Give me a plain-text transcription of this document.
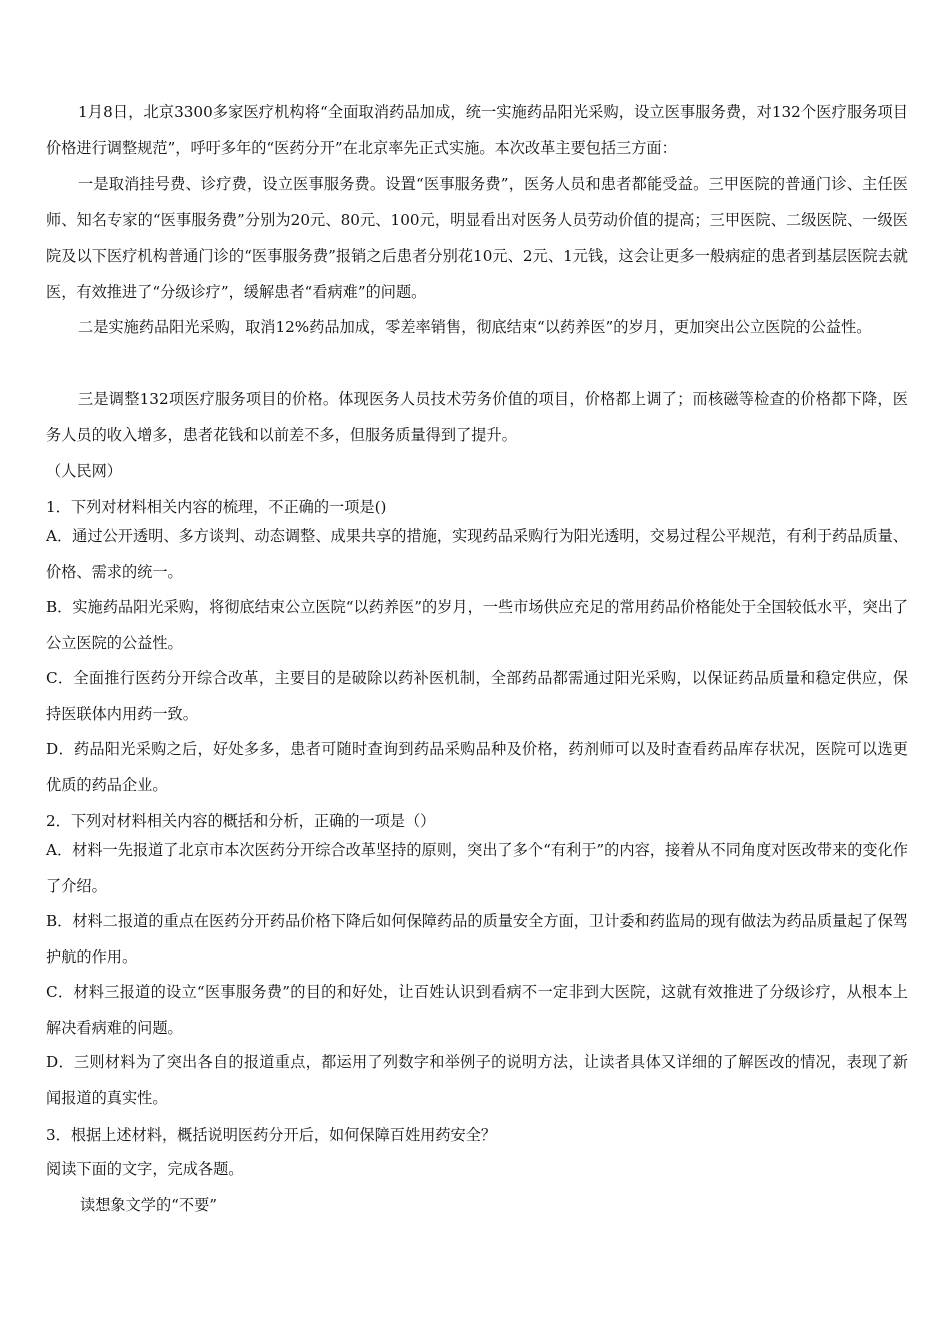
1月8日，北京3300多家医疗机构将“全面取消药品加成，统一实施药品阳光采购，设立医事服务费，对132个医疗服务项目价格进行调整规范”，呼吁多年的“医药分开”在北京率先正式实施。本次改革主要包括三方面：

一是取消挂号费、诊疗费，设立医事服务费。设置“医事服务费”，医务人员和患者都能受益。三甲医院的普通门诊、主任医师、知名专家的“医事服务费”分别为20元、80元、100元，明显看出对医务人员劳动价值的提高；三甲医院、二级医院、一级医院及以下医疗机构普通门诊的“医事服务费”报销之后患者分别花10元、2元、1元钱，这会让更多一般病症的患者到基层医院去就医，有效推进了“分级诊疗”，缓解患者“看病难”的问题。

二是实施药品阳光采购，取消12%药品加成，零差率销售，彻底结束“以药养医”的岁月，更加突出公立医院的公益性。

三是调整132项医疗服务项目的价格。体现医务人员技术劳务价值的项目，价格都上调了；而核磁等检查的价格都下降，医务人员的收入增多，患者花钱和以前差不多，但服务质量得到了提升。

（人民网）

1．下列对材料相关内容的梳理，不正确的一项是()

A．通过公开透明、多方谈判、动态调整、成果共享的措施，实现药品采购行为阳光透明，交易过程公平规范，有利于药品质量、价格、需求的统一。

B．实施药品阳光采购，将彻底结束公立医院“以药养医”的岁月，一些市场供应充足的常用药品价格能处于全国较低水平，突出了公立医院的公益性。

C．全面推行医药分开综合改革，主要目的是破除以药补医机制，全部药品都需通过阳光采购，以保证药品质量和稳定供应，保持医联体内用药一致。

D．药品阳光采购之后，好处多多，患者可随时查询到药品采购品种及价格，药剂师可以及时查看药品库存状况，医院可以选更优质的药品企业。

2．下列对材料相关内容的概括和分析，正确的一项是（）

A．材料一先报道了北京市本次医药分开综合改革坚持的原则，突出了多个“有利于”的内容，接着从不同角度对医改带来的变化作了介绍。

B．材料二报道的重点在医药分开药品价格下降后如何保障药品的质量安全方面，卫计委和药监局的现有做法为药品质量起了保驾护航的作用。

C．材料三报道的设立“医事服务费”的目的和好处，让百姓认识到看病不一定非到大医院，这就有效推进了分级诊疗，从根本上解决看病难的问题。

D．三则材料为了突出各自的报道重点，都运用了列数字和举例子的说明方法，让读者具体又详细的了解医改的情况，表现了新闻报道的真实性。

3．根据上述材料，概括说明医药分开后，如何保障百姓用药安全？

阅读下面的文字，完成各题。

读想象文学的“不要”
